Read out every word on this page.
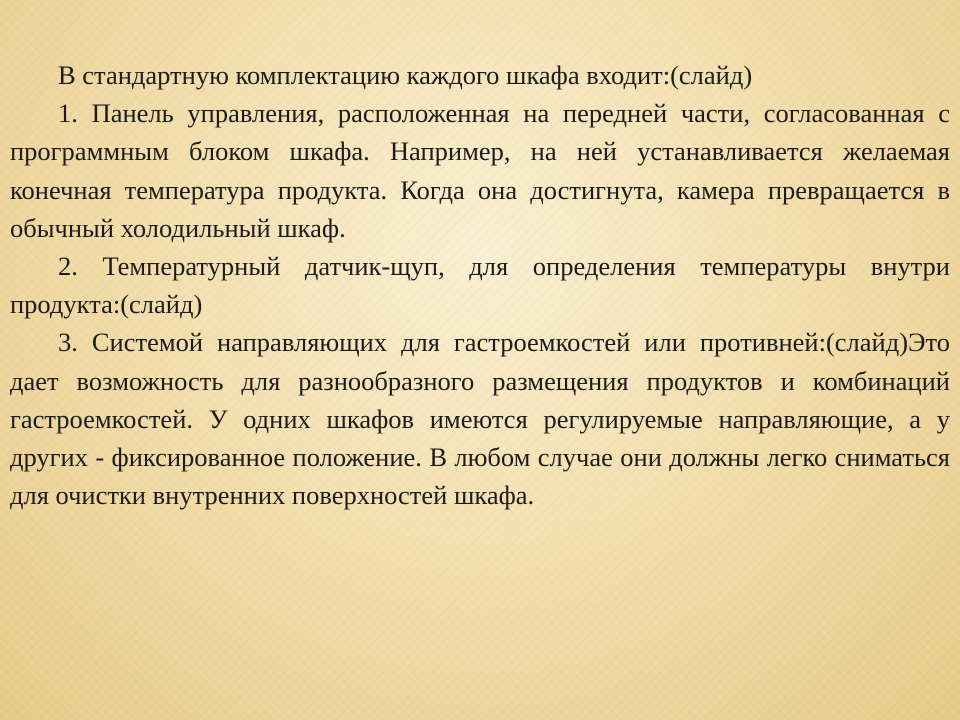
В стандартную комплектацию каждого шкафа входит:(слайд)

1. Панель управления, расположенная на передней части, согласованная с программным блоком шкафа. Например, на ней устанавливается желаемая конечная температура продукта. Когда она достигнута, камера превращается в обычный холодильный шкаф.

2. Температурный датчик-щуп, для определения температуры внутри продукта:(слайд)

3. Системой направляющих для гастроемкостей или противней:(слайд)Это дает возможность для разнообразного размещения продуктов и комбинаций гастроемкостей. У одних шкафов имеются регулируемые направляющие, а у других - фиксированное положение. В любом случае они должны легко сниматься для очистки внутренних поверхностей шкафа.
